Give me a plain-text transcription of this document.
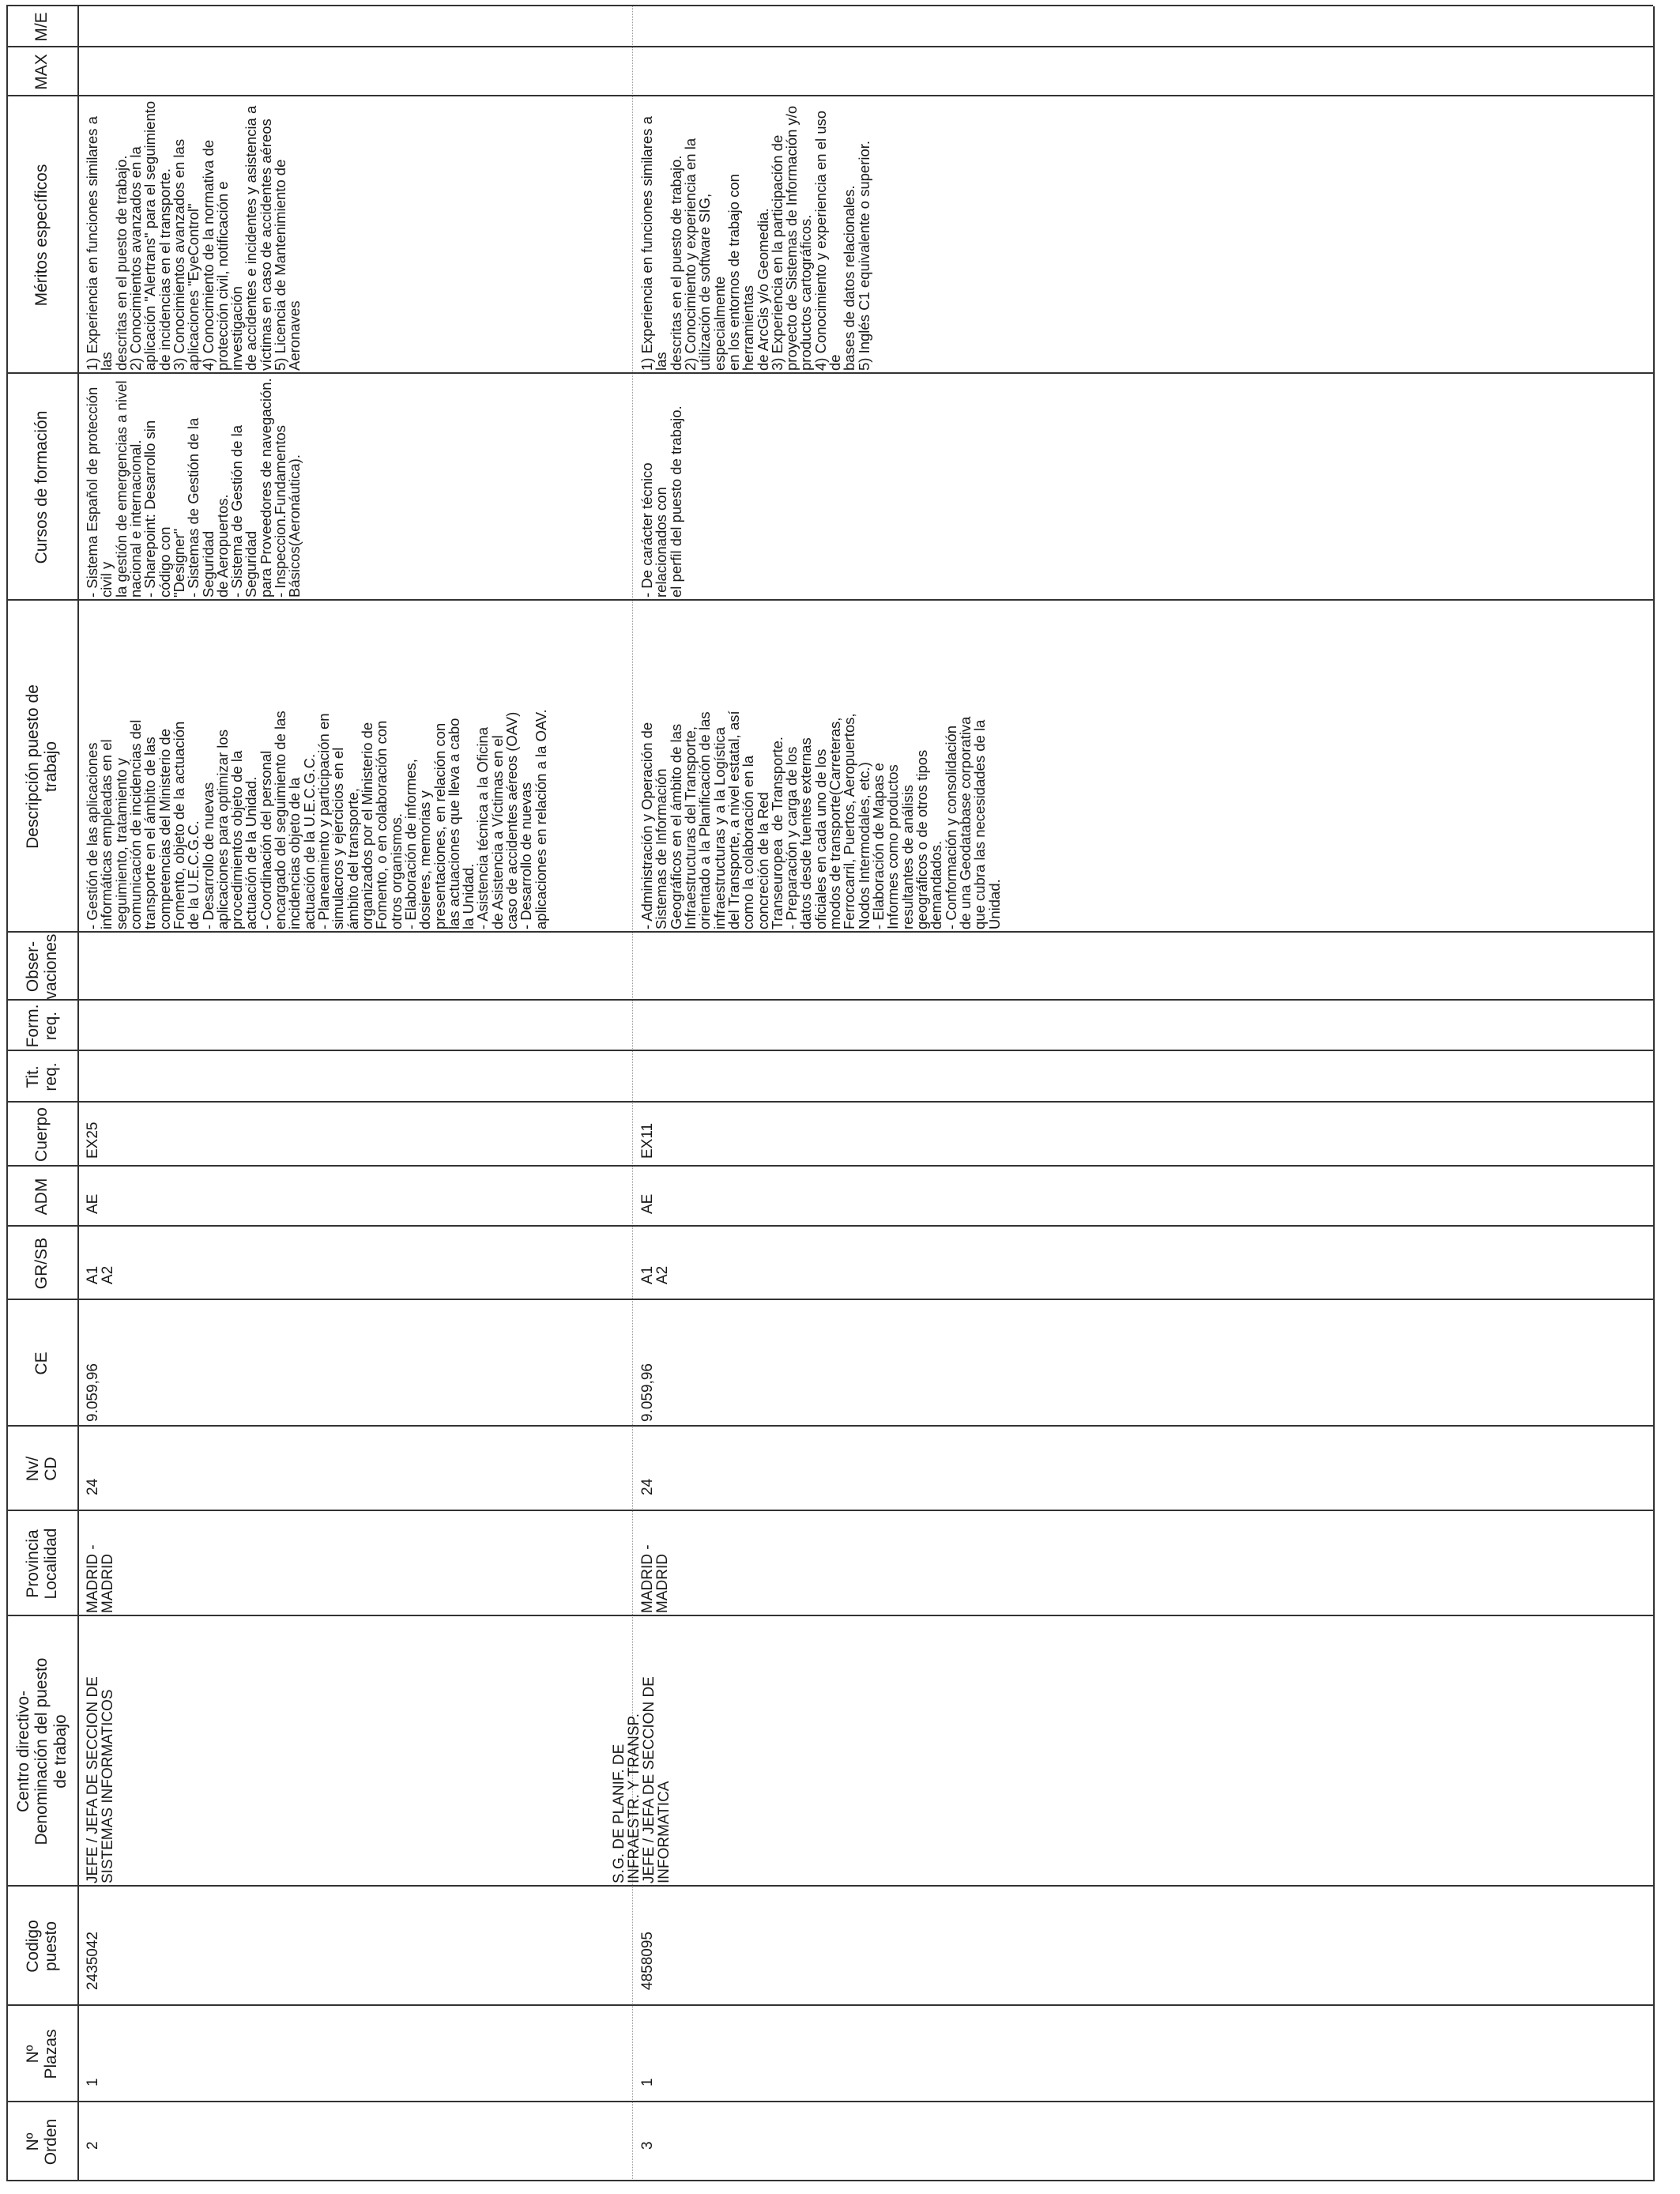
Nº
Orden
Nº
Plazas
Codigo
puesto
Centro directivo-
Denominación del puesto
de trabajo
Provincia
Localidad
Nv/
CD
CE
GR/SB
ADM
Cuerpo
Tit.
req.
Form.
req.
Obser-
vaciones
Descripción puesto de
trabajo
Cursos de formación
Méritos específicos
MAX
M/E
2
1
2435042
JEFE / JEFA DE SECCION DE
SISTEMAS INFORMATICOS
MADRID -
MADRID
24
9.059,96
A1
A2
AE
EX25
- Gestión de las aplicaciones
informáticas empleadas en el
seguimiento, tratamiento y
comunicación de incidencias del
transporte en el ámbito de las
competencias del Ministerio de
Fomento, objeto de la actuación
de la U.E.C.G.C.
- Desarrollo de nuevas
aplicaciones para optimizar los
procedimientos objeto de la
actuación de la Unidad.
- Coordinación del personal
encargado del seguimiento de las
incidencias objeto de la
actuación de la U.E.C.G.C.
- Planeamiento y participación en
simulacros y ejercicios en el
ámbito del transporte,
organizados por el Ministerio de
Fomento, o en colaboración con
otros organismos.
- Elaboración de informes,
dosieres, memorias y
presentaciones, en relación con
las actuaciones que lleva a cabo
la Unidad.
- Asistencia técnica a la Oficina
de Asistencia a Víctimas en el
caso de accidentes aéreos (OAV)
- Desarrollo de nuevas
aplicaciones en relación a la OAV.
- Sistema Español de protección civil y
la gestión de emergencias a nivel
nacional e internacional.
- Sharepoint: Desarrollo sin código con
"Designer"
- Sistemas de Gestión de la Seguridad
de Aeropuertos.
- Sistema de Gestión de la Seguridad
para Proveedores de navegación.
- Inspeccion.Fundamentos
Básicos(Aeronáutica).
1) Experiencia en funciones similares a las
descritas en el puesto de trabajo.
2) Conocimientos avanzados en la
aplicación "Alertrans" para el seguimiento
de incidencias en el transporte.
3) Conocimientos avanzados en las
aplicaciones "EyeControl"
4) Conocimiento de la normativa de
protección civil, notificación e investigación
de accidentes e incidentes y asistencia a
víctimas en caso de accidentes aéreos
5) Licencia de Mantenimiento de Aeronaves
3
1
4858095
S.G. DE PLANIF. DE
INFRAESTR. Y TRANSP.
JEFE / JEFA DE SECCION DE
INFORMATICA
MADRID -
MADRID
24
9.059,96
A1
A2
AE
EX11
- Administración y Operación de
Sistemas de Información
Geográficos en el ámbito de las
Infraestructuras del Transporte,
orientado a la Planificación de las
infraestructuras y a la Logística
del Transporte, a nivel estatal, así
como la colaboración en la
concreción de la Red
Transeuropea  de Transporte.
- Preparación y carga de los
datos desde fuentes externas
oficiales en cada uno de los
modos de transporte(Carreteras,
Ferrocarril, Puertos, Aeropuertos,
Nodos Intermodales, etc.)
- Elaboración de Mapas e
Informes como productos
resultantes de análisis
geográficos o de otros tipos
demandados.
- Conformación y consolidación
de una Geodatabase corporativa
que cubra las necesidades de la
Unidad.
- De carácter técnico relacionados con
el perfil del puesto de trabajo.
1) Experiencia en funciones similares a las
descritas en el puesto de trabajo.
2) Conocimiento y experiencia en la
utilización de software SIG, especialmente
en los entornos de trabajo con herramientas
de ArcGis y/o Geomedia.
3) Experiencia en la participación de
proyecto de Sistemas de Información y/o
productos cartográficos.
4) Conocimiento y experiencia en el uso de
bases de datos relacionales.
5) Inglés C1 equivalente o superior.
